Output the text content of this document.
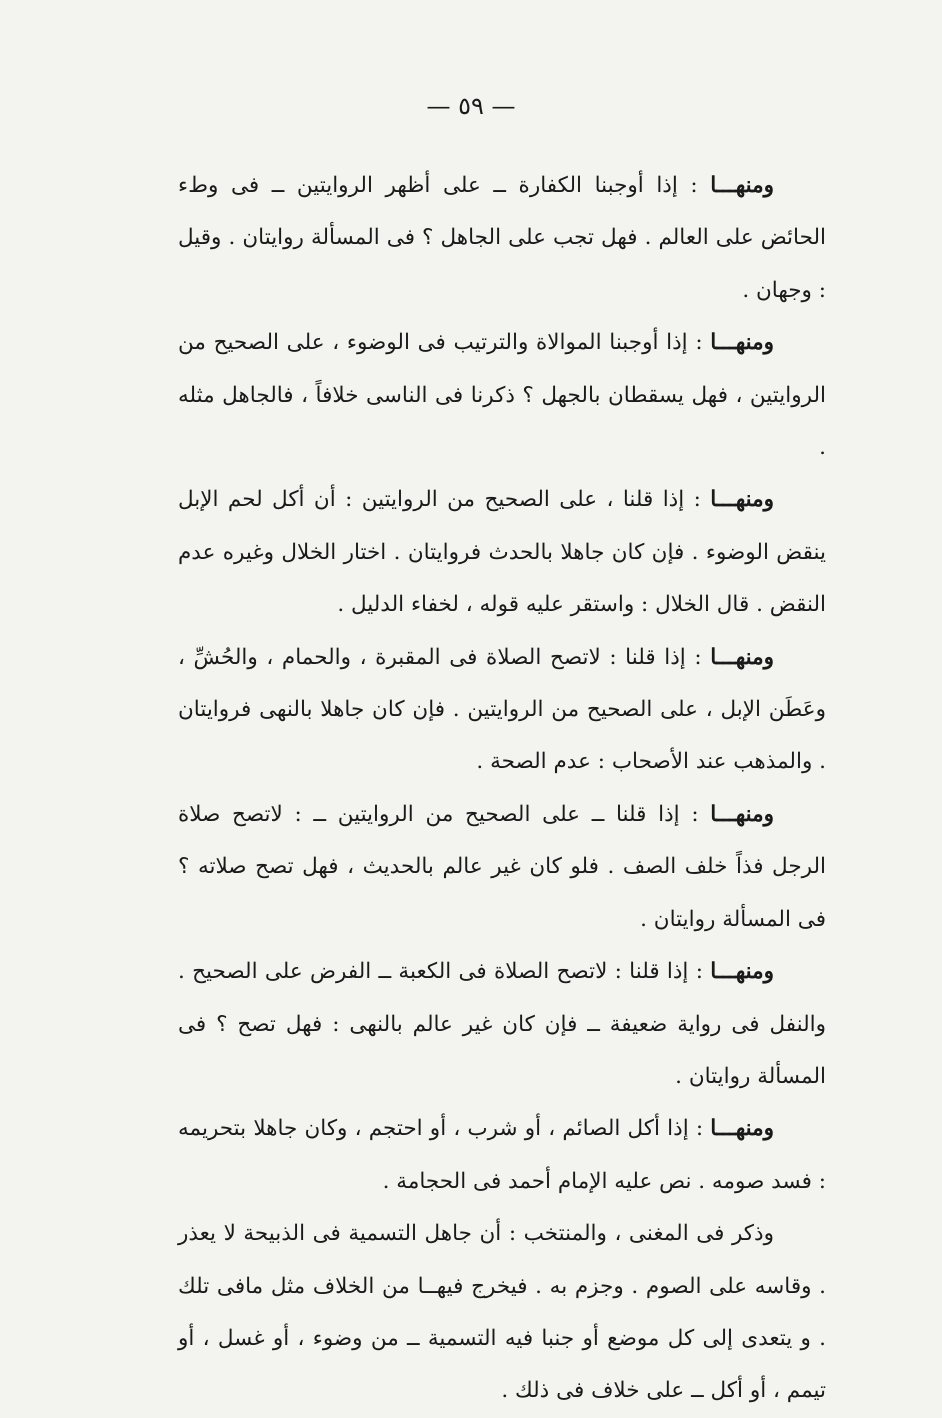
— ٥٩ —

ومنهـــا : إذا أوجبنا الكفارة ــ على أظهر الروايتين ــ فى وطء الحائض على العالم . فهل تجب على الجاهل ؟ فى المسألة روايتان . وقيل : وجهان .

ومنهـــا : إذا أوجبنا الموالاة والترتيب فى الوضوء ، على الصحيح من الروايتين ، فهل يسقطان بالجهل ؟ ذكرنا فى الناسى خلافاً ، فالجاهل مثله .

ومنهـــا : إذا قلنا ، على الصحيح من الروايتين : أن أكل لحم الإبل ينقض الوضوء . فإن كان جاهلا بالحدث فروايتان . اختار الخلال وغيره عدم النقض . قال الخلال : واستقر عليه قوله ، لخفاء الدليل .

ومنهـــا : إذا قلنا : لاتصح الصلاة فى المقبرة ، والحمام ، والحُشِّ ، وعَطَن الإبل ، على الصحيح من الروايتين . فإن كان جاهلا بالنهى فروايتان . والمذهب عند الأصحاب : عدم الصحة .

ومنهـــا : إذا قلنا ــ على الصحيح من الروايتين ــ : لاتصح صلاة الرجل فذاً خلف الصف . فلو كان غير عالم بالحديث ، فهل تصح صلاته ؟ فى المسألة روايتان .

ومنهـــا : إذا قلنا : لاتصح الصلاة فى الكعبة ــ الفرض على الصحيح . والنفل فى رواية ضعيفة ــ فإن كان غير عالم بالنهى : فهل تصح ؟ فى المسألة روايتان .

ومنهـــا : إذا أكل الصائم ، أو شرب ، أو احتجم ، وكان جاهلا بتحريمه : فسد صومه . نص عليه الإمام أحمد فى الحجامة .

وذكر فى المغنى ، والمنتخب : أن جاهل التسمية فى الذبيحة لا يعذر . وقاسه على الصوم . وجزم به . فيخرج فيهــا من الخلاف مثل مافى تلك . و يتعدى إلى كل موضع أو جنبا فيه التسمية ــ من وضوء ، أو غسل ، أو تيمم ، أو أكل ــ على خلاف فى ذلك .
